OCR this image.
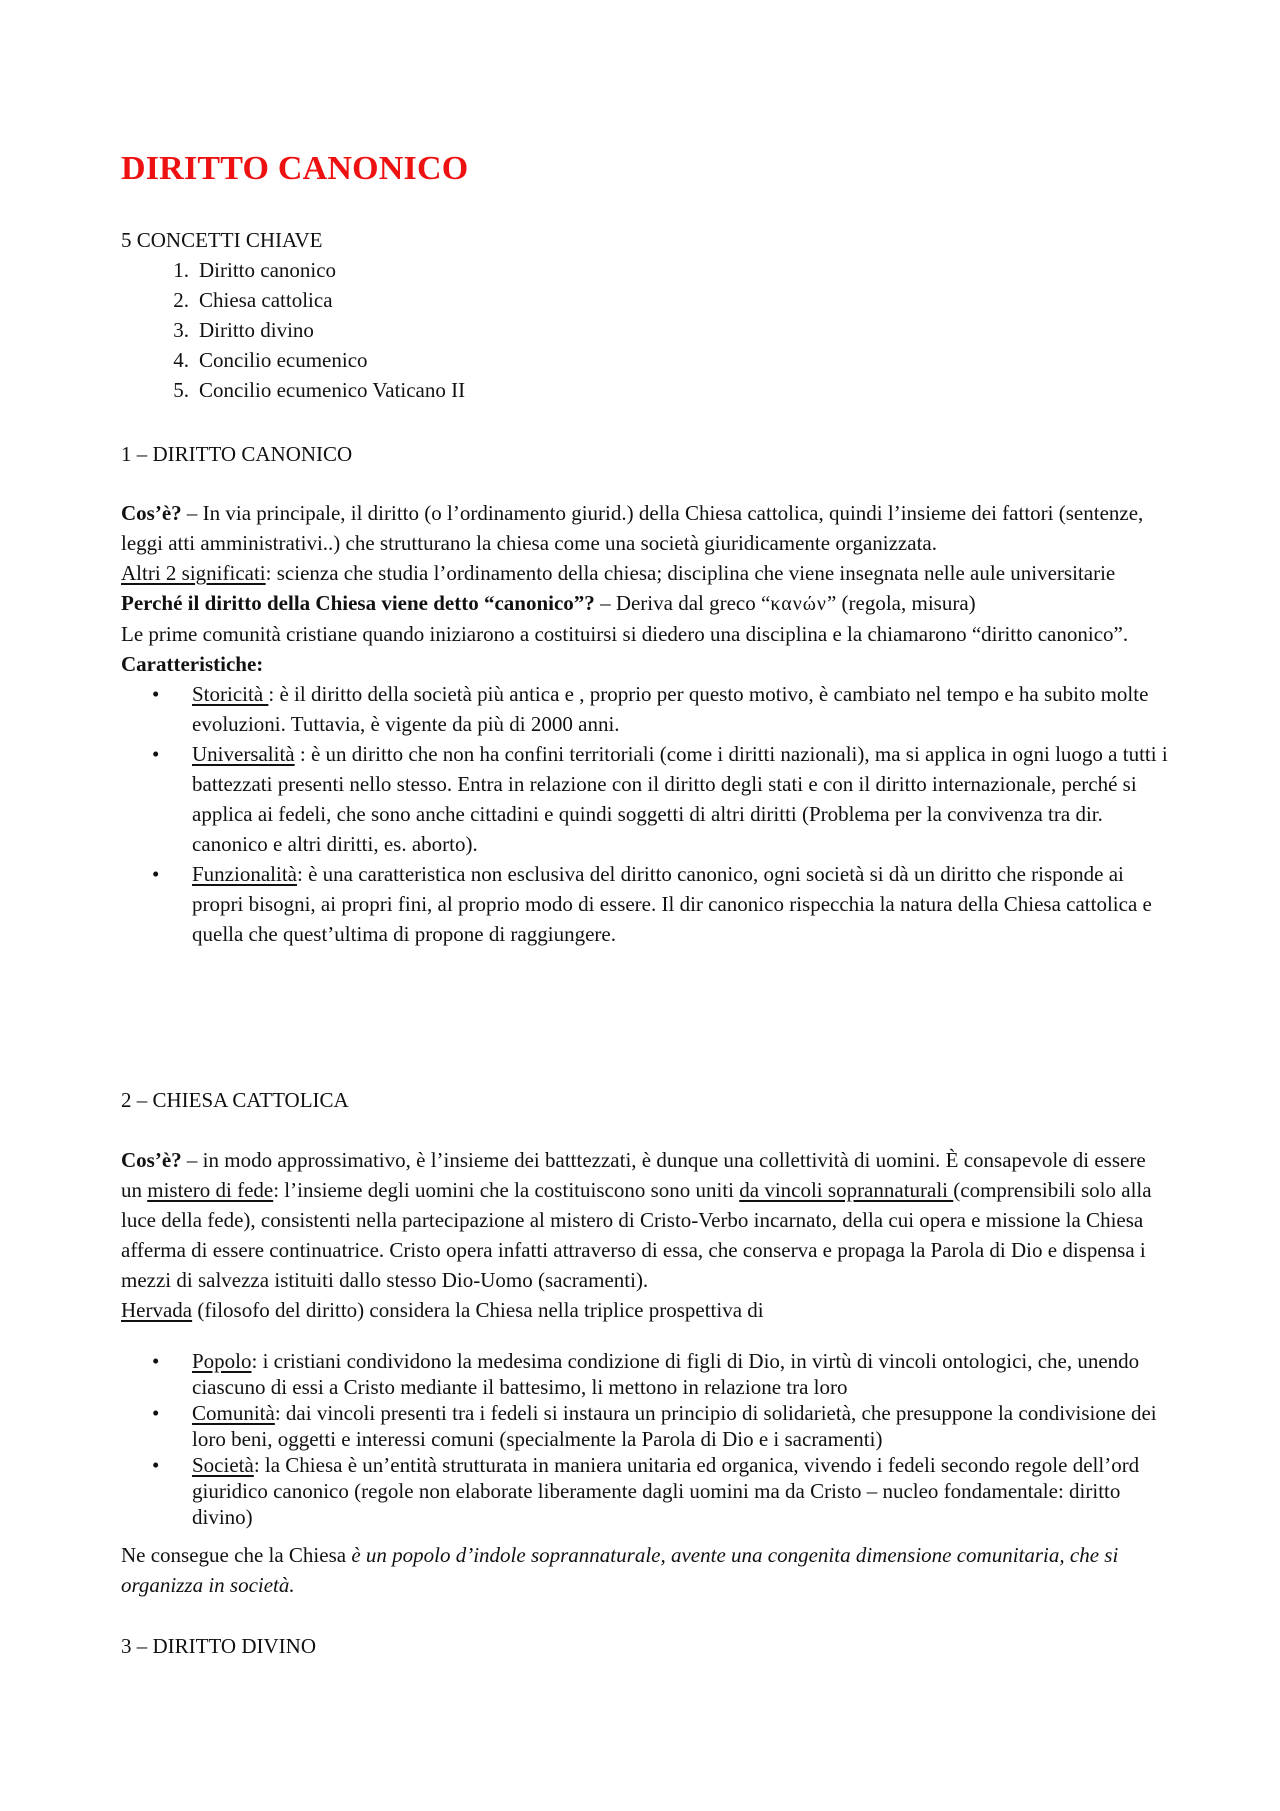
DIRITTO CANONICO

5 CONCETTI CHIAVE

1. Diritto canonico
2. Chiesa cattolica
3. Diritto divino
4. Concilio ecumenico
5. Concilio ecumenico Vaticano II

1 – DIRITTO CANONICO

Cos’è? – In via principale, il diritto (o l’ordinamento giurid.) della Chiesa cattolica, quindi l’insieme dei fattori (sentenze, leggi atti amministrativi..) che strutturano la chiesa come una società giuridicamente organizzata.

Altri 2 significati: scienza che studia l’ordinamento della chiesa; disciplina che viene insegnata nelle aule universitarie

Perché il diritto della Chiesa viene detto “canonico”? – Deriva dal greco “κανών” (regola, misura)

Le prime comunità cristiane quando iniziarono a costituirsi si diedero una disciplina e la chiamarono “diritto canonico”.

Caratteristiche:

• Storicità : è il diritto della società più antica e , proprio per questo motivo, è cambiato nel tempo e ha subito molte evoluzioni. Tuttavia, è vigente da più di 2000 anni.
• Universalità : è un diritto che non ha confini territoriali (come i diritti nazionali), ma si applica in ogni luogo a tutti i battezzati presenti nello stesso. Entra in relazione con il diritto degli stati e con il diritto internazionale, perché si applica ai fedeli, che sono anche cittadini e quindi soggetti di altri diritti (Problema per la convivenza tra dir. canonico e altri diritti, es. aborto).
• Funzionalità: è una caratteristica non esclusiva del diritto canonico, ogni società si dà un diritto che risponde ai propri bisogni, ai propri fini, al proprio modo di essere. Il dir canonico rispecchia la natura della Chiesa cattolica e quella che quest’ultima di propone di raggiungere.

2 – CHIESA CATTOLICA

Cos’è? – in modo approssimativo, è l’insieme dei batttezzati, è dunque una collettività di uomini. È consapevole di essere un mistero di fede: l’insieme degli uomini che la costituiscono sono uniti da vincoli soprannaturali (comprensibili solo alla luce della fede), consistenti nella partecipazione al mistero di Cristo-Verbo incarnato, della cui opera e missione la Chiesa afferma di essere continuatrice. Cristo opera infatti attraverso di essa, che conserva e propaga la Parola di Dio e dispensa i mezzi di salvezza istituiti dallo stesso Dio-Uomo (sacramenti).

Hervada (filosofo del diritto) considera la Chiesa nella triplice prospettiva di

• Popolo: i cristiani condividono la medesima condizione di figli di Dio, in virtù di vincoli ontologici, che, unendo ciascuno di essi a Cristo mediante il battesimo, li mettono in relazione tra loro
• Comunità: dai vincoli presenti tra i fedeli si instaura un principio di solidarietà, che presuppone la condivisione dei loro beni, oggetti e interessi comuni (specialmente la Parola di Dio e i sacramenti)
• Società: la Chiesa è un’entità strutturata in maniera unitaria ed organica, vivendo i fedeli secondo regole dell’ord giuridico canonico (regole non elaborate liberamente dagli uomini ma da Cristo – nucleo fondamentale: diritto divino)

Ne consegue che la Chiesa è un popolo d’indole soprannaturale, avente una congenita dimensione comunitaria, che si organizza in società.

3 – DIRITTO DIVINO
